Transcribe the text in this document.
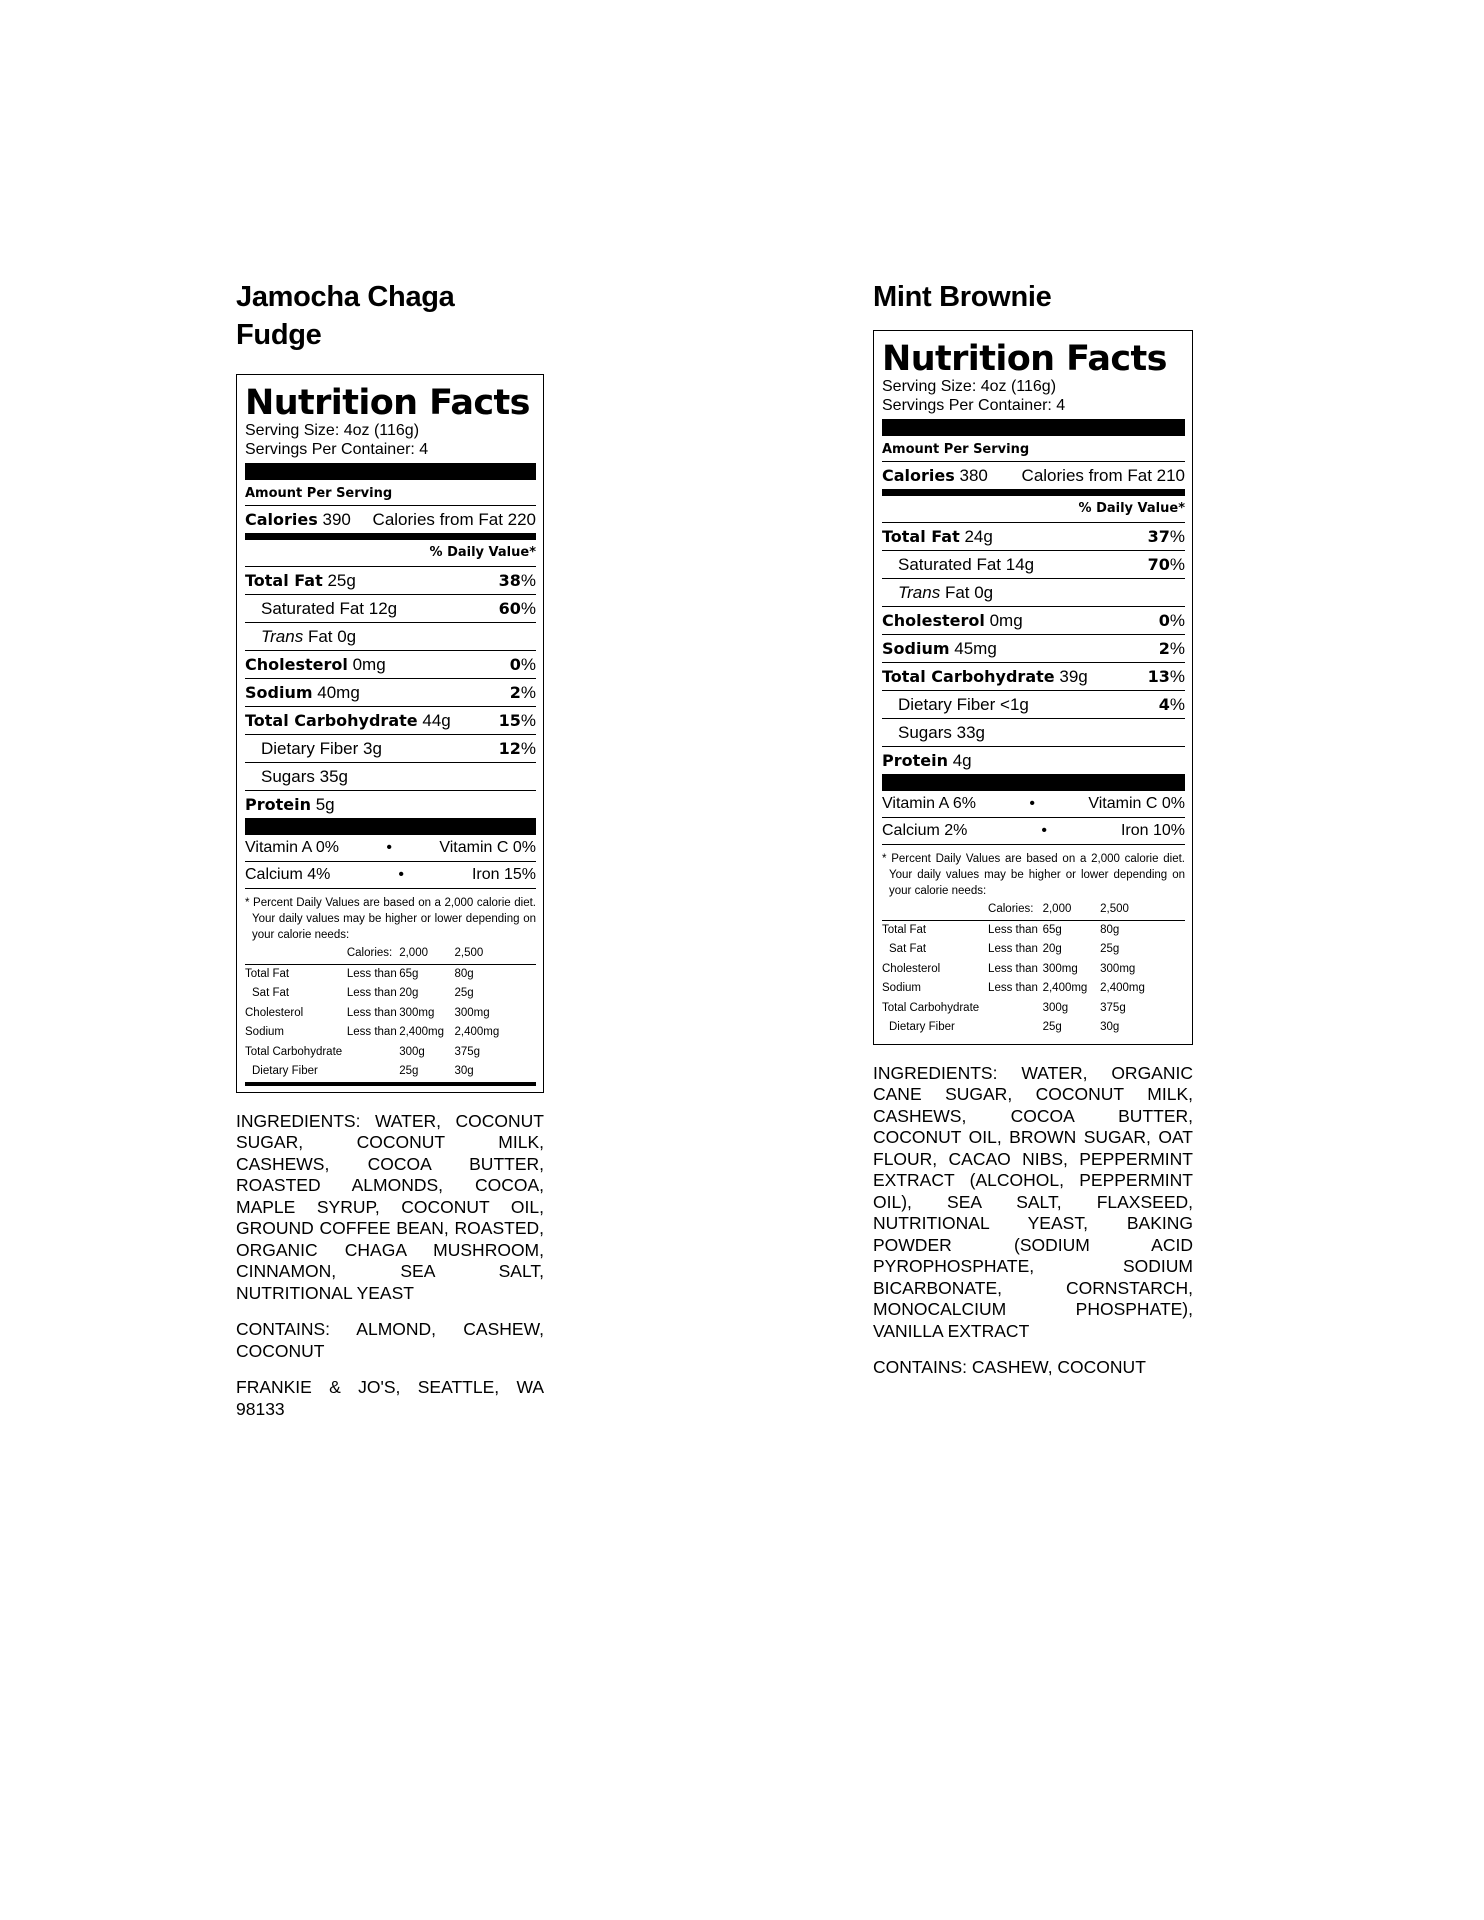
Jamocha Chaga Fudge
Nutrition Facts
Serving Size: 4oz (116g)
Servings Per Container: 4
Amount Per Serving
Calories 390 Calories from Fat 220
% Daily Value*
Total Fat 25g	38%
Saturated Fat 12g	60%
Trans Fat 0g
Cholesterol 0mg	0%
Sodium 40mg	2%
Total Carbohydrate 44g	15%
Dietary Fiber 3g	12%
Sugars 35g
Protein 5g
Vitamin A 0%	•	Vitamin C 0%
Calcium 4%	•	Iron 15%
* Percent Daily Values are based on a 2,000 calorie diet. Your daily values may be higher or lower depending on your calorie needs:
	Calories:	2,000	2,500
Total Fat	Less than	65g	80g
Sat Fat	Less than	20g	25g
Cholesterol	Less than	300mg	300mg
Sodium	Less than	2,400mg	2,400mg
Total Carbohydrate		300g	375g
Dietary Fiber		25g	30g

INGREDIENTS: WATER, COCONUT SUGAR, COCONUT MILK, CASHEWS, COCOA BUTTER, ROASTED ALMONDS, COCOA, MAPLE SYRUP, COCONUT OIL, GROUND COFFEE BEAN, ROASTED, ORGANIC CHAGA MUSHROOM, CINNAMON, SEA SALT, NUTRITIONAL YEAST

CONTAINS: ALMOND, CASHEW, COCONUT

FRANKIE & JO'S, SEATTLE, WA 98133

Mint Brownie
Nutrition Facts
Serving Size: 4oz (116g)
Servings Per Container: 4
Amount Per Serving
Calories 380 Calories from Fat 210
% Daily Value*
Total Fat 24g	37%
Saturated Fat 14g	70%
Trans Fat 0g
Cholesterol 0mg	0%
Sodium 45mg	2%
Total Carbohydrate 39g	13%
Dietary Fiber <1g	4%
Sugars 33g
Protein 4g
Vitamin A 6%	•	Vitamin C 0%
Calcium 2%	•	Iron 10%
* Percent Daily Values are based on a 2,000 calorie diet. Your daily values may be higher or lower depending on your calorie needs:
	Calories:	2,000	2,500
Total Fat	Less than	65g	80g
Sat Fat	Less than	20g	25g
Cholesterol	Less than	300mg	300mg
Sodium	Less than	2,400mg	2,400mg
Total Carbohydrate		300g	375g
Dietary Fiber		25g	30g

INGREDIENTS: WATER, ORGANIC CANE SUGAR, COCONUT MILK, CASHEWS, COCOA BUTTER, COCONUT OIL, BROWN SUGAR, OAT FLOUR, CACAO NIBS, PEPPERMINT EXTRACT (ALCOHOL, PEPPERMINT OIL), SEA SALT, FLAXSEED, NUTRITIONAL YEAST, BAKING POWDER (SODIUM ACID PYROPHOSPHATE, SODIUM BICARBONATE, CORNSTARCH, MONOCALCIUM PHOSPHATE), VANILLA EXTRACT

CONTAINS: CASHEW, COCONUT
